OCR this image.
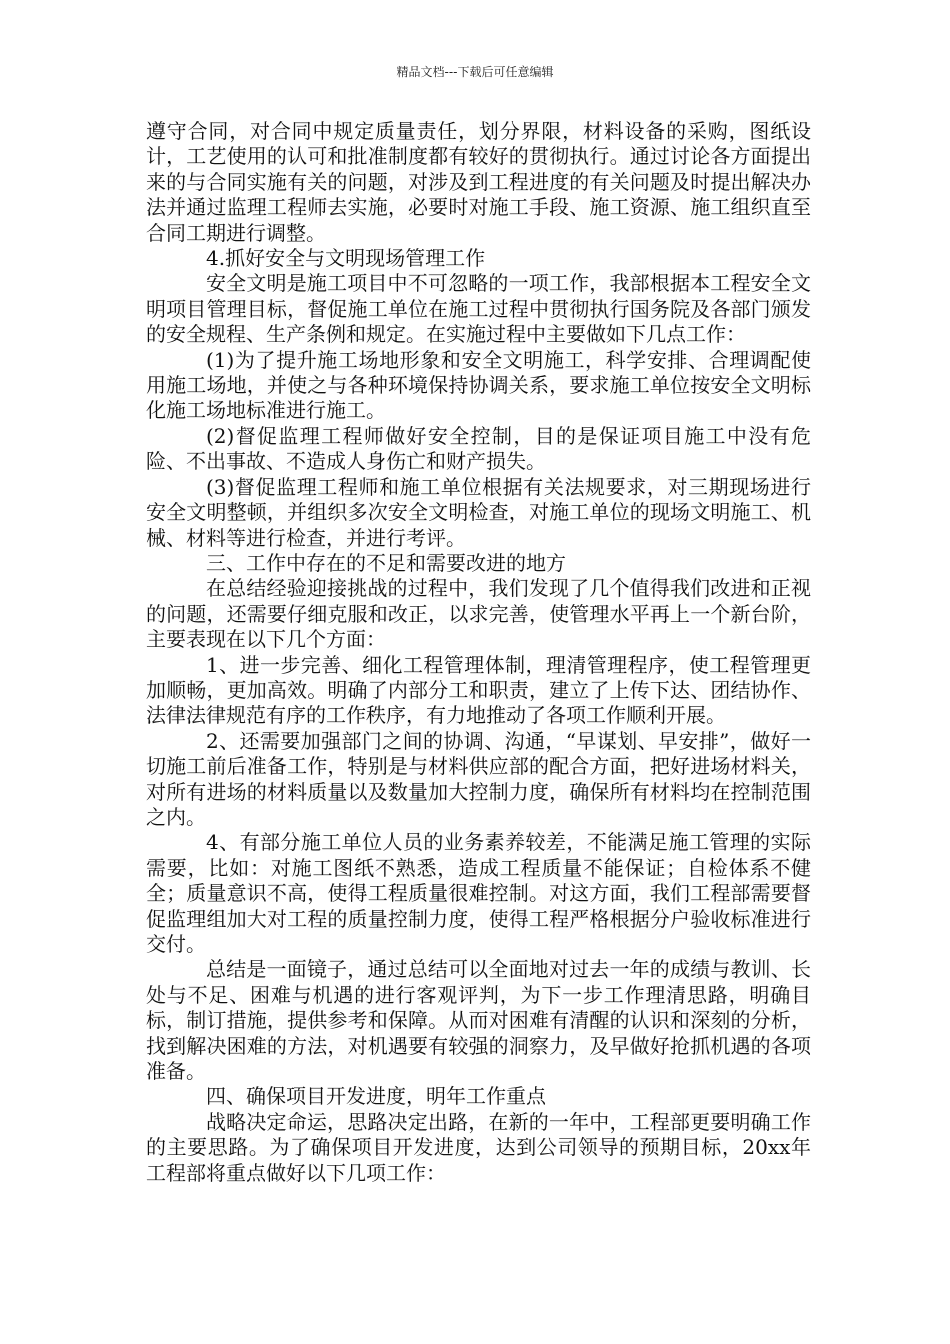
精品文档---下载后可任意编辑

遵守合同，对合同中规定质量责任，划分界限，材料设备的采购，图纸设计，工艺使用的认可和批准制度都有较好的贯彻执行。通过讨论各方面提出来的与合同实施有关的问题，对涉及到工程进度的有关问题及时提出解决办法并通过监理工程师去实施，必要时对施工手段、施工资源、施工组织直至合同工期进行调整。

4.抓好安全与文明现场管理工作

安全文明是施工项目中不可忽略的一项工作，我部根据本工程安全文明项目管理目标，督促施工单位在施工过程中贯彻执行国务院及各部门颁发的安全规程、生产条例和规定。在实施过程中主要做如下几点工作：

(1)为了提升施工场地形象和安全文明施工，科学安排、合理调配使用施工场地，并使之与各种环境保持协调关系，要求施工单位按安全文明标化施工场地标准进行施工。

(2)督促监理工程师做好安全控制，目的是保证项目施工中没有危险、不出事故、不造成人身伤亡和财产损失。

(3)督促监理工程师和施工单位根据有关法规要求，对三期现场进行安全文明整顿，并组织多次安全文明检查，对施工单位的现场文明施工、机械、材料等进行检查，并进行考评。

三、工作中存在的不足和需要改进的地方

在总结经验迎接挑战的过程中，我们发现了几个值得我们改进和正视的问题，还需要仔细克服和改正，以求完善，使管理水平再上一个新台阶，主要表现在以下几个方面：

1、进一步完善、细化工程管理体制，理清管理程序，使工程管理更加顺畅，更加高效。明确了内部分工和职责，建立了上传下达、团结协作、法律法律规范有序的工作秩序，有力地推动了各项工作顺利开展。

2、还需要加强部门之间的协调、沟通，“早谋划、早安排”，做好一切施工前后准备工作，特别是与材料供应部的配合方面，把好进场材料关，对所有进场的材料质量以及数量加大控制力度，确保所有材料均在控制范围之内。

4、有部分施工单位人员的业务素养较差，不能满足施工管理的实际需要，比如：对施工图纸不熟悉，造成工程质量不能保证；自检体系不健全；质量意识不高，使得工程质量很难控制。对这方面，我们工程部需要督促监理组加大对工程的质量控制力度，使得工程严格根据分户验收标准进行交付。

总结是一面镜子，通过总结可以全面地对过去一年的成绩与教训、长处与不足、困难与机遇的进行客观评判，为下一步工作理清思路，明确目标，制订措施，提供参考和保障。从而对困难有清醒的认识和深刻的分析，找到解决困难的方法，对机遇要有较强的洞察力，及早做好抢抓机遇的各项准备。

四、确保项目开发进度，明年工作重点

战略决定命运，思路决定出路，在新的一年中，工程部更要明确工作的主要思路。为了确保项目开发进度，达到公司领导的预期目标，20xx年工程部将重点做好以下几项工作：
